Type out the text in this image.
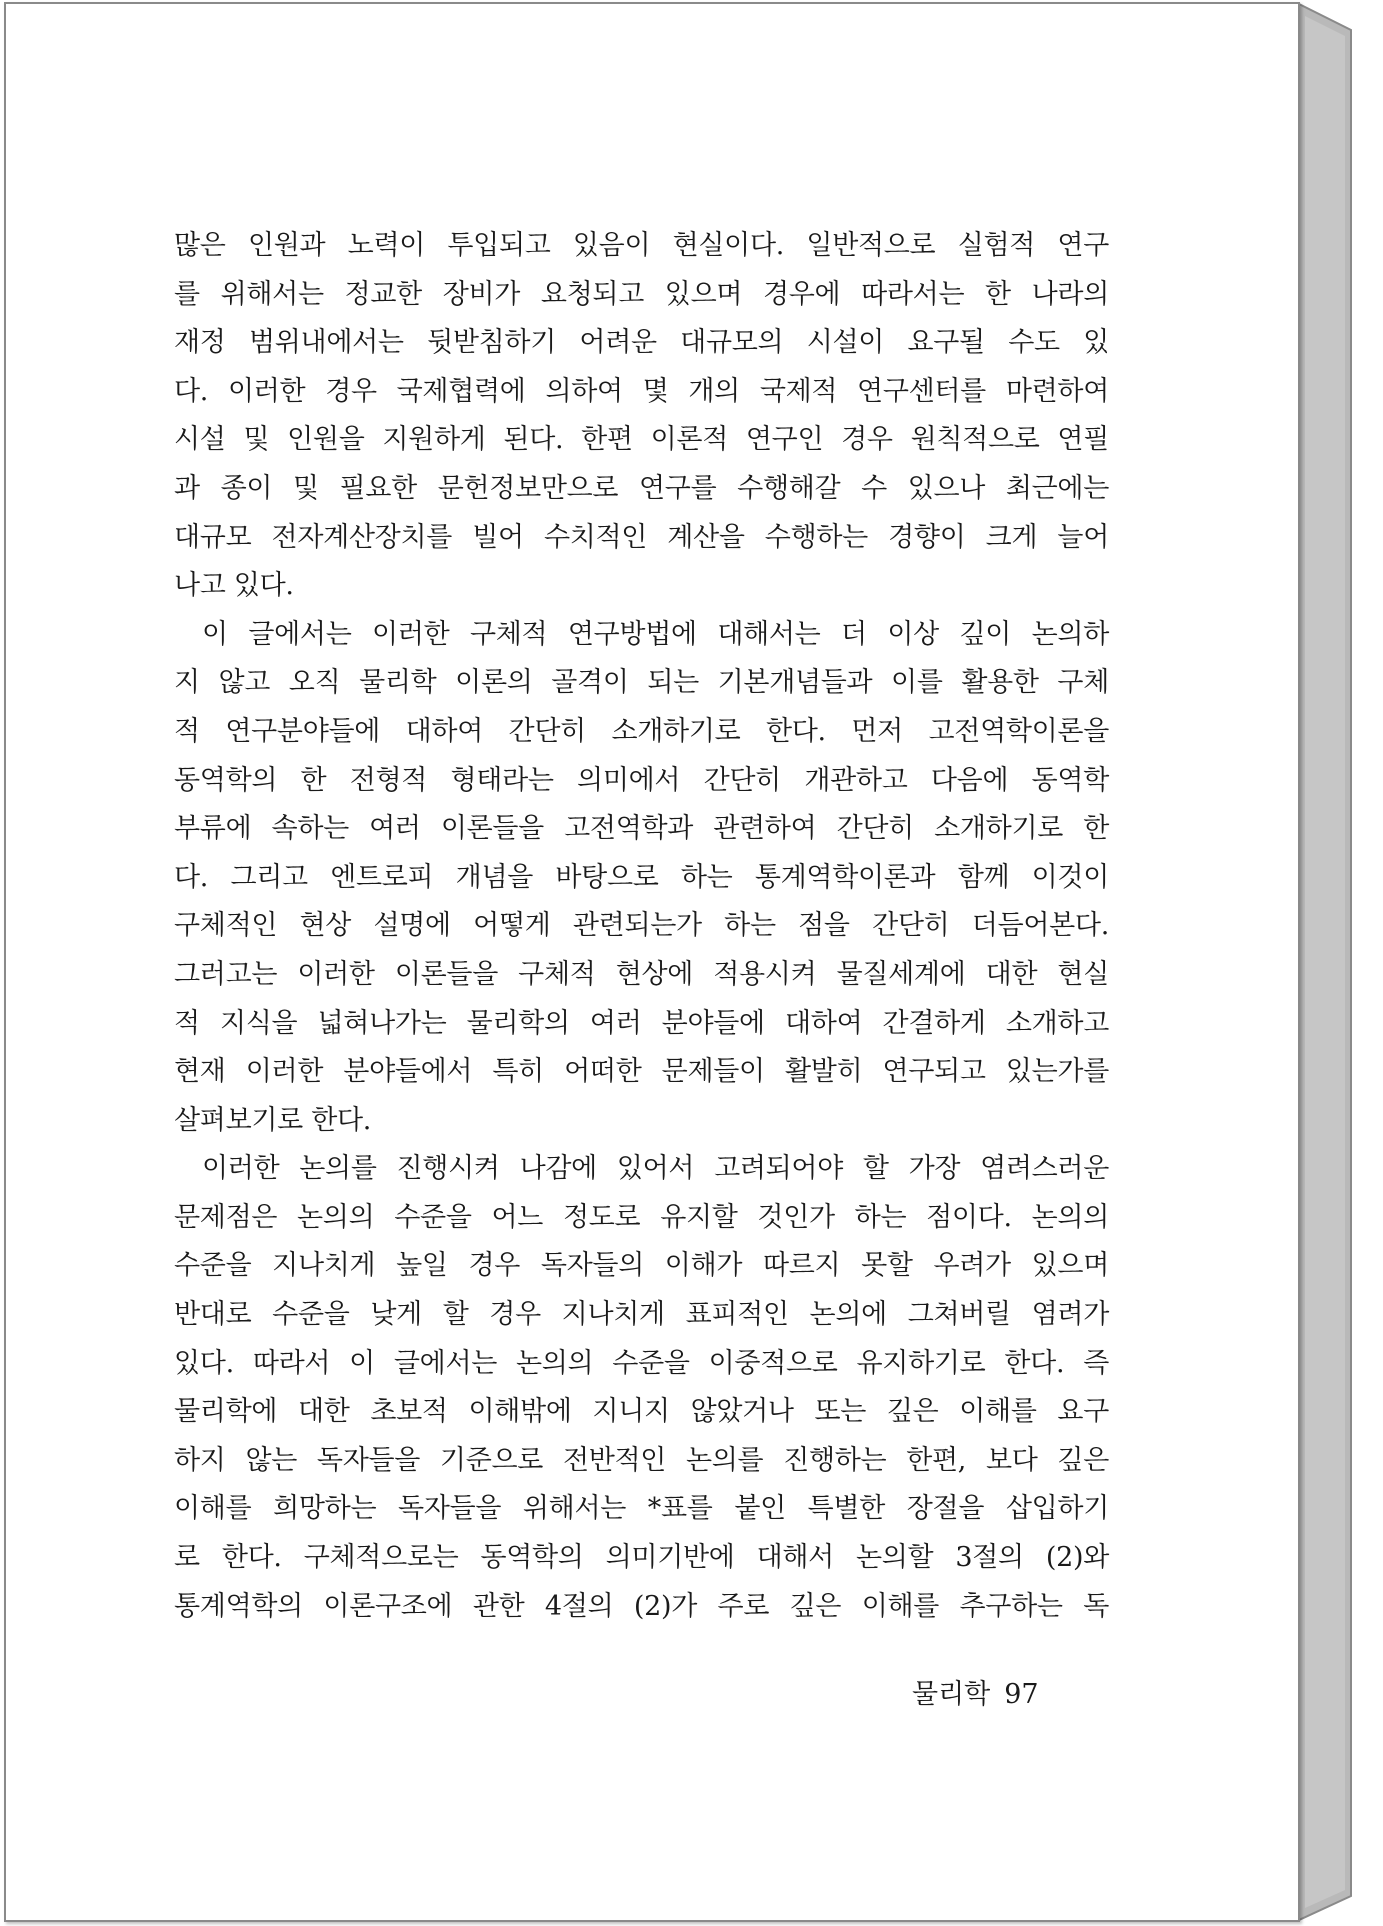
많은 인원과 노력이 투입되고 있음이 현실이다. 일반적으로 실험적 연구
를 위해서는 정교한 장비가 요청되고 있으며 경우에 따라서는 한 나라의
재정 범위내에서는 뒷받침하기 어려운 대규모의 시설이 요구될 수도 있
다. 이러한 경우 국제협력에 의하여 몇 개의 국제적 연구센터를 마련하여
시설 및 인원을 지원하게 된다. 한편 이론적 연구인 경우 원칙적으로 연필
과 종이 및 필요한 문헌정보만으로 연구를 수행해갈 수 있으나 최근에는
대규모 전자계산장치를 빌어 수치적인 계산을 수행하는 경향이 크게 늘어
나고 있다.
이 글에서는 이러한 구체적 연구방법에 대해서는 더 이상 깊이 논의하
지 않고 오직 물리학 이론의 골격이 되는 기본개념들과 이를 활용한 구체
적 연구분야들에 대하여 간단히 소개하기로 한다. 먼저 고전역학이론을
동역학의 한 전형적 형태라는 의미에서 간단히 개관하고 다음에 동역학
부류에 속하는 여러 이론들을 고전역학과 관련하여 간단히 소개하기로 한
다. 그리고 엔트로피 개념을 바탕으로 하는 통계역학이론과 함께 이것이
구체적인 현상 설명에 어떻게 관련되는가 하는 점을 간단히 더듬어본다.
그러고는 이러한 이론들을 구체적 현상에 적용시켜 물질세계에 대한 현실
적 지식을 넓혀나가는 물리학의 여러 분야들에 대하여 간결하게 소개하고
현재 이러한 분야들에서 특히 어떠한 문제들이 활발히 연구되고 있는가를
살펴보기로 한다.
이러한 논의를 진행시켜 나감에 있어서 고려되어야 할 가장 염려스러운
문제점은 논의의 수준을 어느 정도로 유지할 것인가 하는 점이다. 논의의
수준을 지나치게 높일 경우 독자들의 이해가 따르지 못할 우려가 있으며
반대로 수준을 낮게 할 경우 지나치게 표피적인 논의에 그쳐버릴 염려가
있다. 따라서 이 글에서는 논의의 수준을 이중적으로 유지하기로 한다. 즉
물리학에 대한 초보적 이해밖에 지니지 않았거나 또는 깊은 이해를 요구
하지 않는 독자들을 기준으로 전반적인 논의를 진행하는 한편, 보다 깊은
이해를 희망하는 독자들을 위해서는 *표를 붙인 특별한 장절을 삽입하기
로 한다. 구체적으로는 동역학의 의미기반에 대해서 논의할 3절의 (2)와
통계역학의 이론구조에 관한 4절의 (2)가 주로 깊은 이해를 추구하는 독
물리학 97
